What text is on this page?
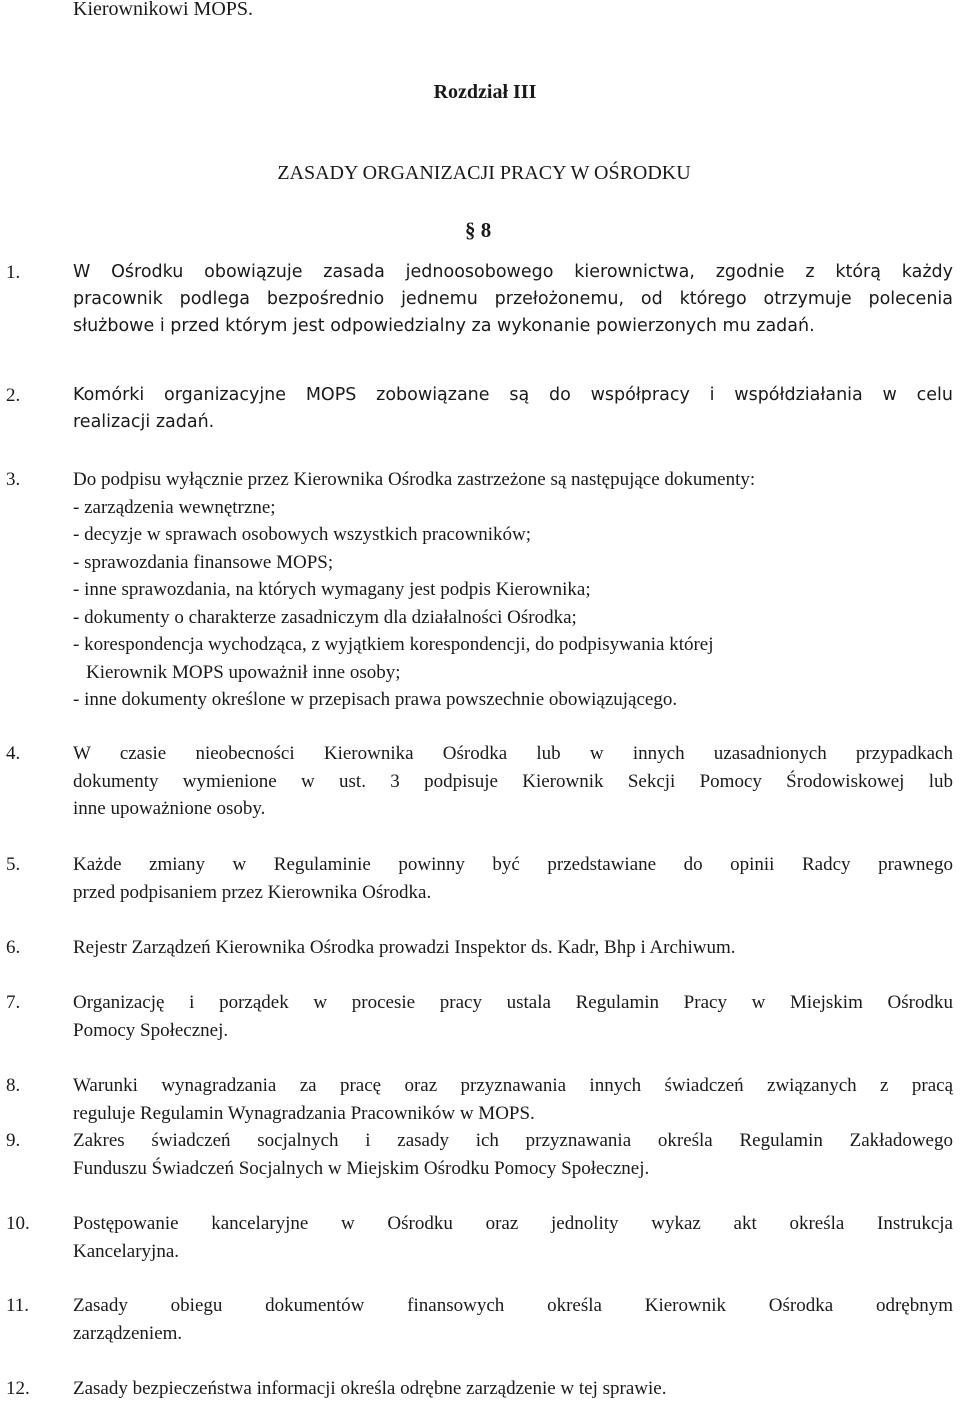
Kierownikowi MOPS.
Rozdział III
ZASADY ORGANIZACJI PRACY W OŚRODKU
§ 8
1.	W Ośrodku obowiązuje zasada jednoosobowego kierownictwa, zgodnie z którą każdy
pracownik podlega bezpośrednio jednemu przełożonemu, od którego otrzymuje polecenia
służbowe i przed którym jest odpowiedzialny za wykonanie powierzonych mu zadań.
2.	Komórki organizacyjne MOPS zobowiązane są do współpracy i współdziałania w celu
realizacji zadań.
3.	Do podpisu wyłącznie przez Kierownika Ośrodka zastrzeżone są następujące dokumenty:
- zarządzenia wewnętrzne;
- decyzje w sprawach osobowych wszystkich pracowników;
- sprawozdania finansowe MOPS;
- inne sprawozdania, na których wymagany jest podpis Kierownika;
- dokumenty o charakterze zasadniczym dla działalności Ośrodka;
- korespondencja wychodząca, z wyjątkiem korespondencji, do podpisywania której
Kierownik MOPS upoważnił inne osoby;
- inne dokumenty określone w przepisach prawa powszechnie obowiązującego.
4.	W czasie nieobecności Kierownika Ośrodka lub w innych uzasadnionych przypadkach
dokumenty wymienione w ust. 3 podpisuje Kierownik Sekcji Pomocy Środowiskowej lub
inne upoważnione osoby.
5.	Każde zmiany w Regulaminie powinny być przedstawiane do opinii Radcy prawnego
przed podpisaniem przez Kierownika Ośrodka.
6.	Rejestr Zarządzeń Kierownika Ośrodka prowadzi Inspektor ds. Kadr, Bhp i Archiwum.
7.	Organizację i porządek w procesie pracy ustala Regulamin Pracy w Miejskim Ośrodku
Pomocy Społecznej.
8.	Warunki wynagradzania za pracę oraz przyznawania innych świadczeń związanych z pracą
reguluje Regulamin Wynagradzania Pracowników w MOPS.
9.	Zakres świadczeń socjalnych i zasady ich przyznawania określa Regulamin Zakładowego
Funduszu Świadczeń Socjalnych w Miejskim Ośrodku Pomocy Społecznej.
10. Postępowanie kancelaryjne w Ośrodku oraz jednolity wykaz akt określa Instrukcja
Kancelaryjna.
11. Zasady obiegu dokumentów finansowych określa Kierownik Ośrodka odrębnym
zarządzeniem.
12. Zasady bezpieczeństwa informacji określa odrębne zarządzenie w tej sprawie.
